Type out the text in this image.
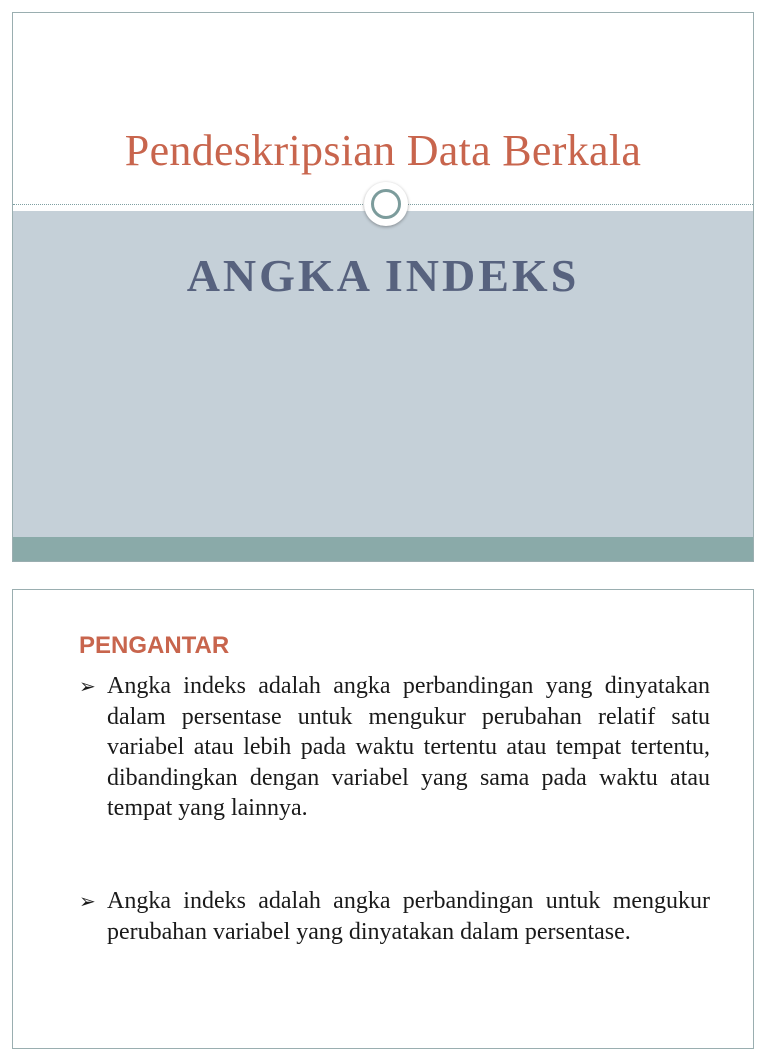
Pendeskripsian Data Berkala
ANGKA INDEKS
PENGANTAR
➢ Angka indeks adalah angka perbandingan yang dinyatakan dalam persentase untuk mengukur perubahan relatif satu variabel atau lebih pada waktu tertentu atau tempat tertentu, dibandingkan dengan variabel yang sama pada waktu atau tempat yang lainnya.
➢ Angka indeks adalah angka perbandingan untuk mengukur perubahan variabel yang dinyatakan dalam persentase.
